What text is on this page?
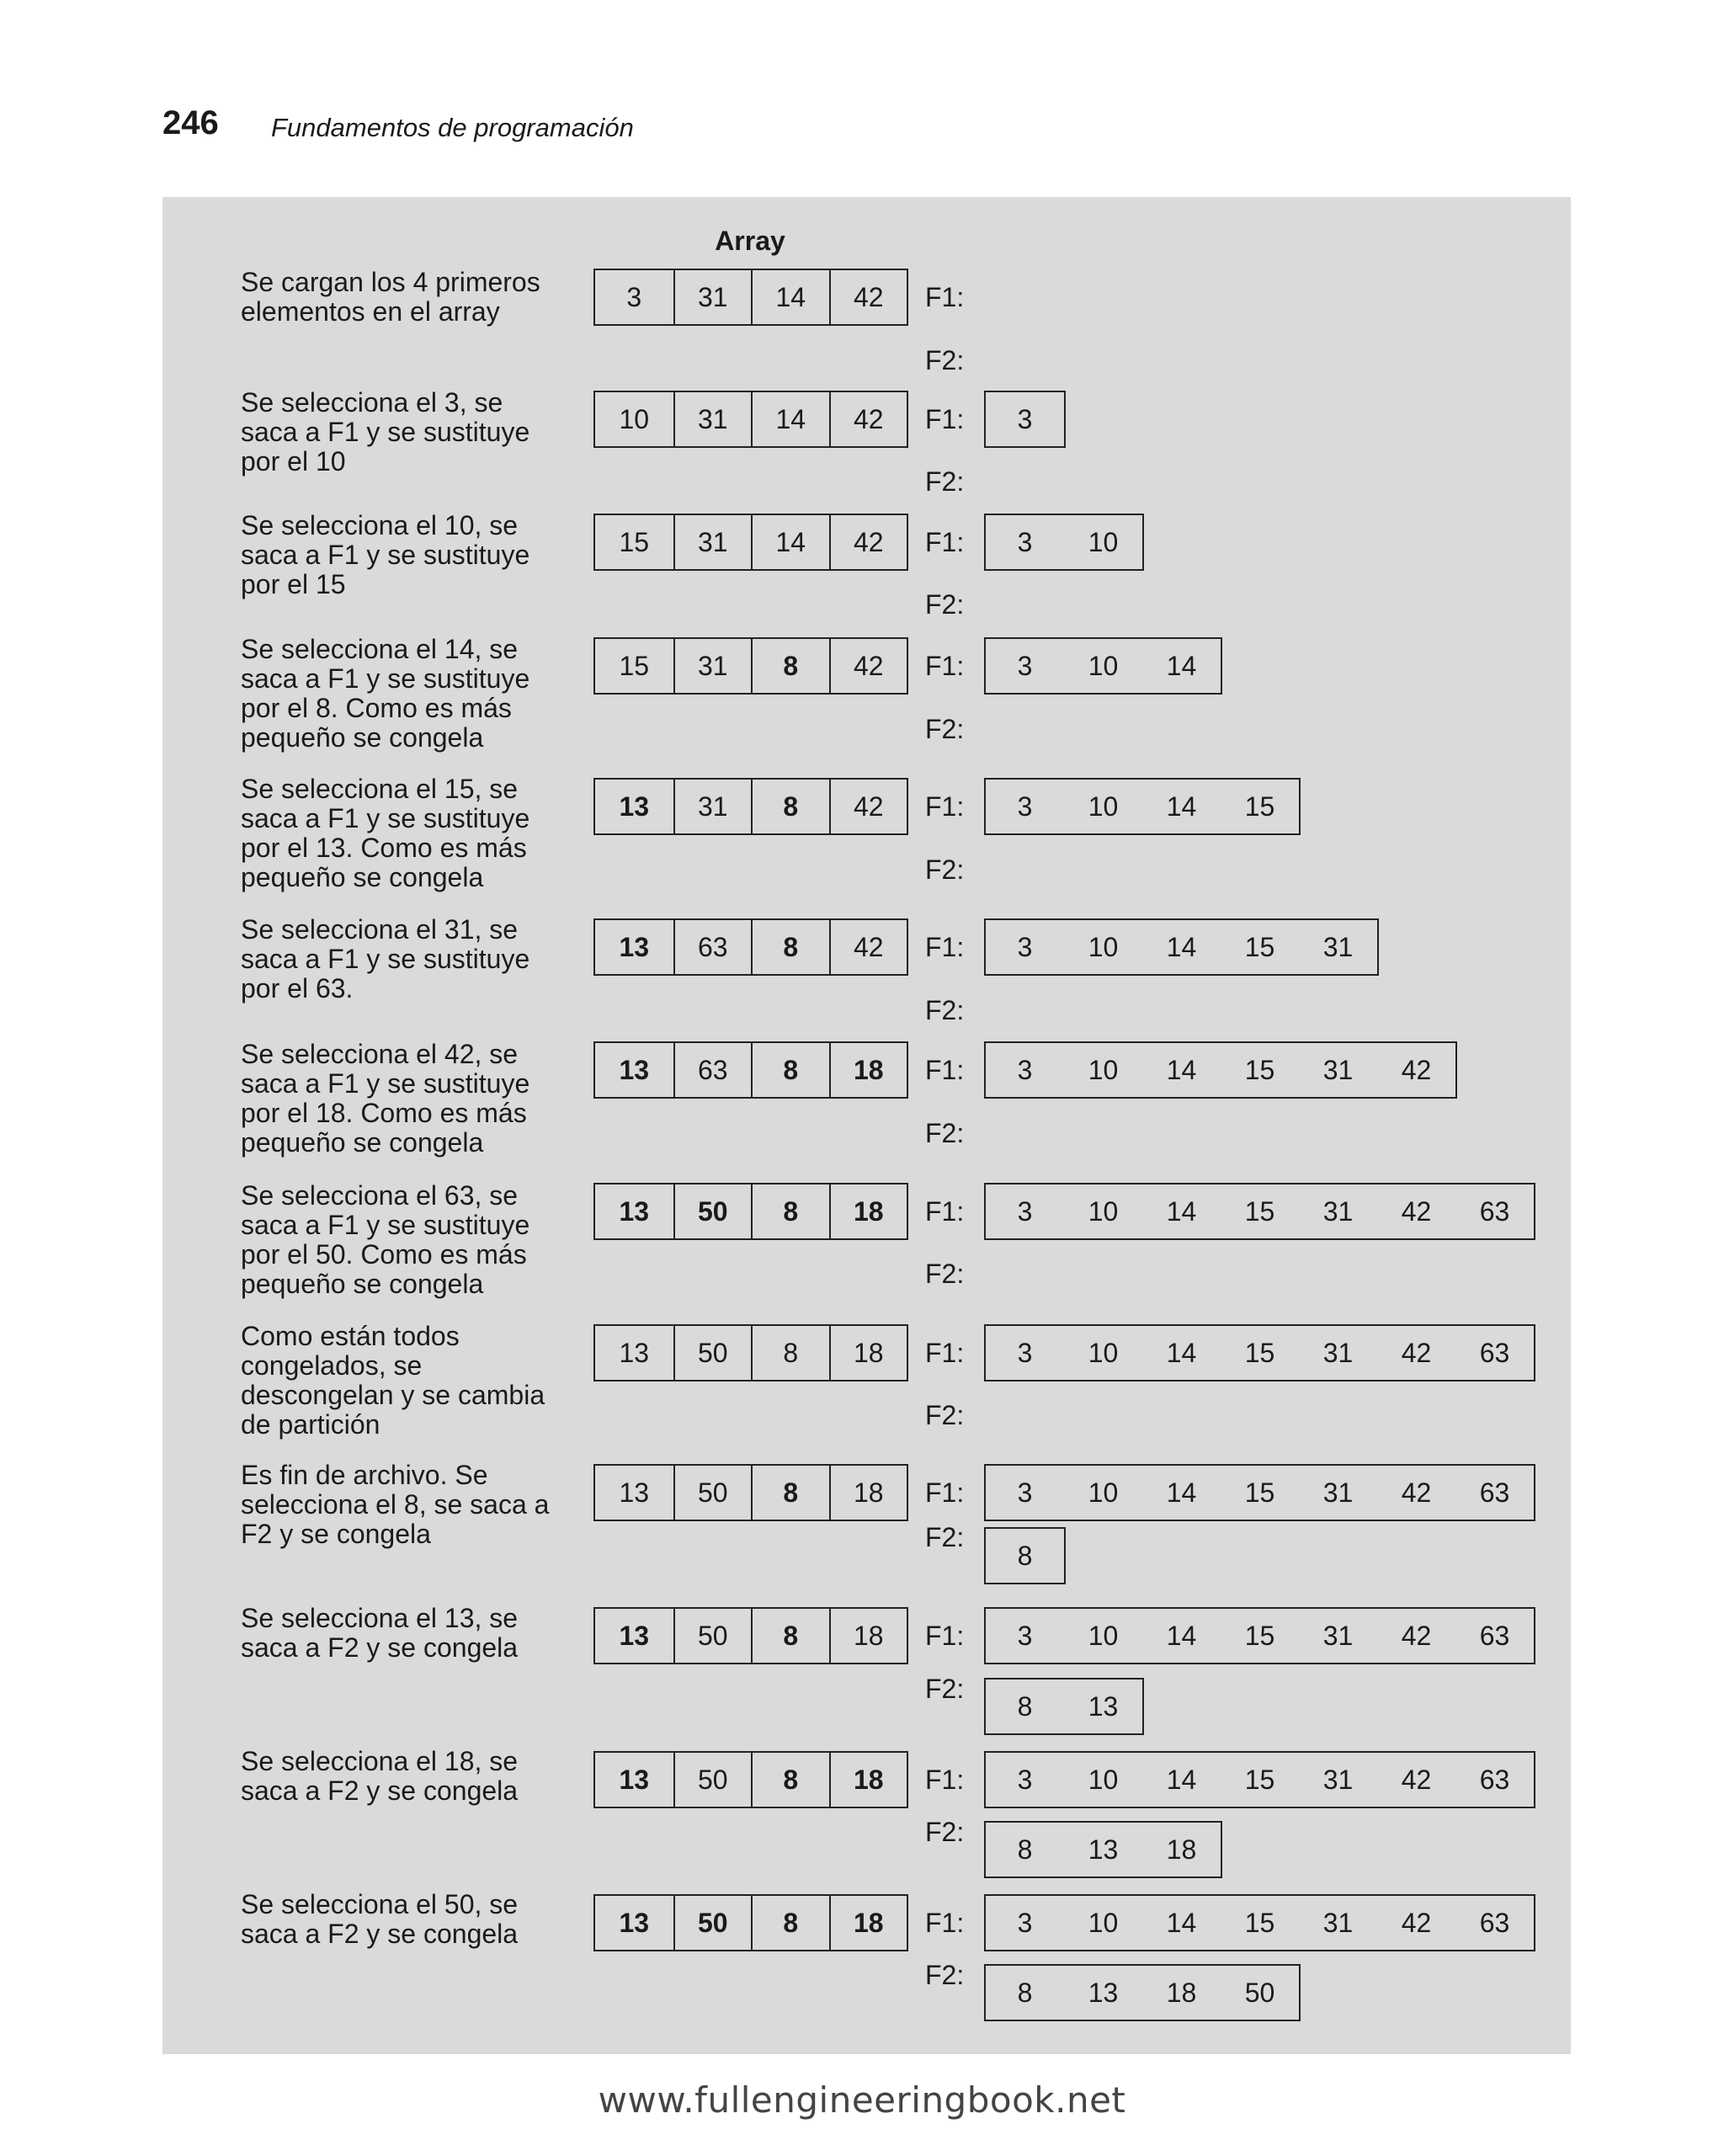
246 Fundamentos de programación
Array
Se cargan los 4 primeros
elementos en el array	3	31	14	42	F1:
F2:
Se selecciona el 3, se
saca a F1 y se sustituye
por el 10
10	31	14	42	F1:	3
F2:
Se selecciona el 10, se
saca a F1 y se sustituye
por el 15
15	31	14	42	F1:	3	10
F2:
Se selecciona el 14, se
saca a F1 y se sustituye
por el 8. Como es más
pequeño se congela
15	31	8	42	F1:	3	10	14
F2:
Se selecciona el 15, se
saca a F1 y se sustituye
por el 13. Como es más
pequeño se congela
13	31	8	42	F1:	3	10	14	15
F2:
Se selecciona el 31, se
saca a F1 y se sustituye
por el 63.
13	63	8	42	F1:	3	10	14	15	31
F2:
Se selecciona el 42, se
saca a F1 y se sustituye
por el 18. Como es más
pequeño se congela
13	63	8	18	F1:	3	10	14	15	31	42
F2:
Se selecciona el 63, se
saca a F1 y se sustituye
por el 50. Como es más
pequeño se congela
13	50	8	18	F1:	3	10	14	15	31	42	63
F2:
Como están todos
congelados, se
descongelan y se cambia
de partición
13	50	8	18	F1:	3	10	14	15	31	42	63
F2:
Es fin de archivo. Se
selecciona el 8, se saca a
F2 y se congela
13	50	8	18	F1:	3	10	14	15	31	42	63
F2:
8
Se selecciona el 13, se
saca a F2 y se congela	13	50	8	18	F1:	3	10	14	15	31	42	63
F2:
8	13
Se selecciona el 18, se
saca a F2 y se congela	13	50	8	18	F1:	3	10	14	15	31	42	63
F2:
8	13	18
Se selecciona el 50, se
saca a F2 y se congela	13	50	8	18	F1:	3	10	14	15	31	42	63
F2:
8	13	18	50
www.fullengineeringbook.net
